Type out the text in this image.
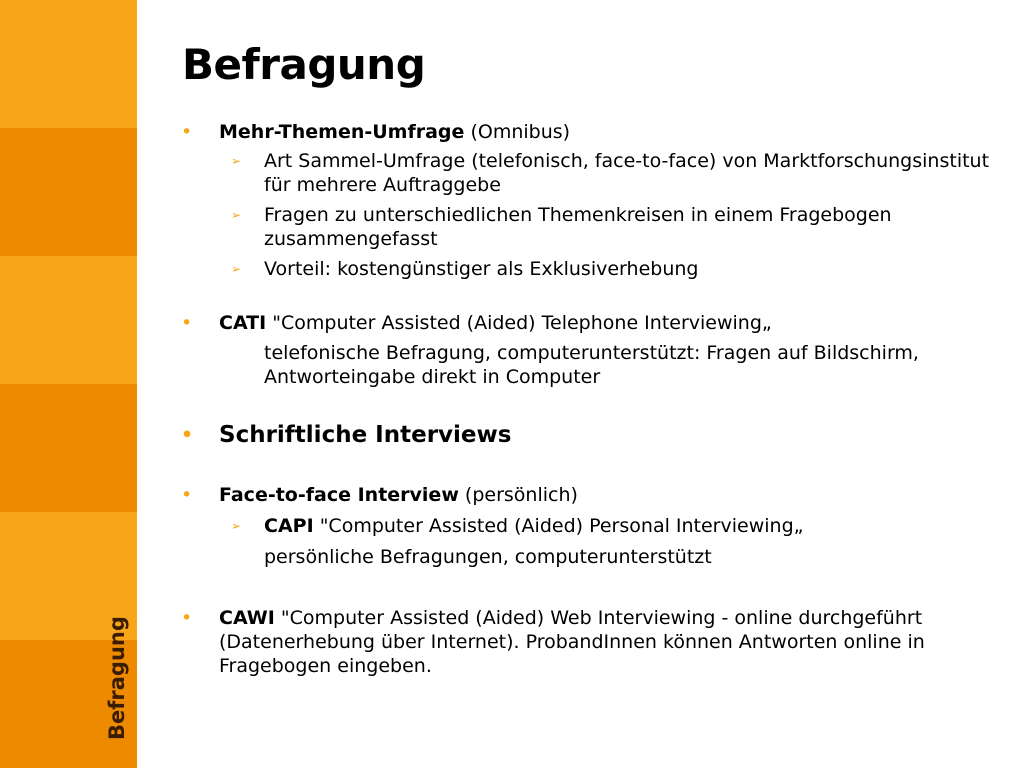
Befragung
Befragung
• Mehr-Themen-Umfrage (Omnibus)
➢ Art Sammel-Umfrage (telefonisch, face-to-face) von Marktforschungsinstitut für mehrere Auftraggebe
➢ Fragen zu unterschiedlichen Themenkreisen in einem Fragebogen zusammengefasst
➢ Vorteil: kostengünstiger als Exklusiverhebung
• CATI "Computer Assisted (Aided) Telephone Interviewing„
telefonische Befragung, computerunterstützt: Fragen auf Bildschirm, Antworteingabe direkt in Computer
• Schriftliche Interviews
• Face-to-face Interview (persönlich)
➢ CAPI "Computer Assisted (Aided) Personal Interviewing„
persönliche Befragungen, computerunterstützt
• CAWI "Computer Assisted (Aided) Web Interviewing - online durchgeführt (Datenerhebung über Internet). ProbandInnen können Antworten online in Fragebogen eingeben.
